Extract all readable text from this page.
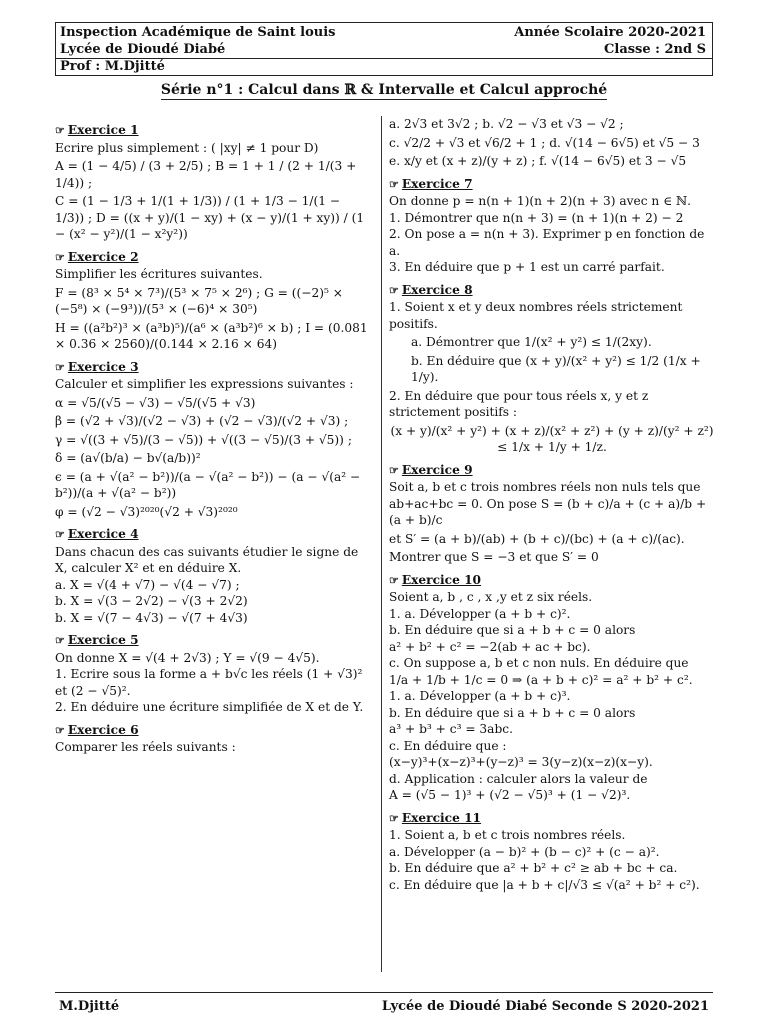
Inspection Académique de Saint louis
Lycée de Dioudé Diabé
Prof : M.Djitté
Année Scolaire 2020-2021
Classe : 2nd S
Série n°1 : Calcul dans ℝ & Intervalle et Calcul approché
☞ Exercice 1
Ecrire plus simplement : ( |xy| ≠ 1 pour D)
A = (1 − 4/5) / (3 + 2/5) ; B = 1 + 1 / (2 + 1/(3 + 1/4)) ;
C = (1 − 1/3 + 1/(1 + 1/3)) / (1 + 1/3 − 1/(1 − 1/3)) ; D = ((x + y)/(1 − xy) + (x − y)/(1 + xy)) / (1 − (x² − y²)/(1 − x²y²))
☞ Exercice 2
Simplifier les écritures suivantes.
F = (8³ × 5⁴ × 7³)/(5³ × 7⁵ × 2⁶) ; G = ((−2)⁵ × (−5⁸) × (−9³))/(5³ × (−6)⁴ × 30⁵)
H = ((a²b²)³ × (a³b)⁵)/(a⁶ × (a³b²)⁶ × b) ; I = (0.081 × 0.36 × 2560)/(0.144 × 2.16 × 64)
☞ Exercice 3
Calculer et simplifier les expressions suivantes :
α = √5/(√5 − √3) − √5/(√5 + √3)
β = (√2 + √3)/(√2 − √3) + (√2 − √3)/(√2 + √3) ;
γ = √((3 + √5)/(3 − √5)) + √((3 − √5)/(3 + √5)) ;
δ = (a√(b/a) − b√(a/b))²
ϵ = (a + √(a² − b²))/(a − √(a² − b²)) − (a − √(a² − b²))/(a + √(a² − b²))
φ = (√2 − √3)²⁰²⁰(√2 + √3)²⁰²⁰
☞ Exercice 4
Dans chacun des cas suivants étudier le signe de X, calculer X² et en déduire X.
a. X = √(4 + √7) − √(4 − √7) ;
b. X = √(3 − 2√2) − √(3 + 2√2)
b. X = √(7 − 4√3) − √(7 + 4√3)
☞ Exercice 5
On donne X = √(4 + 2√3) ; Y = √(9 − 4√5).
1. Ecrire sous la forme a + b√c les réels (1 + √3)² et (2 − √5)².
2. En déduire une écriture simplifiée de X et de Y.
☞ Exercice 6
Comparer les réels suivants :
a. 2√3 et 3√2 ; b. √2 − √3 et √3 − √2 ;
c. √2/2 + √3 et √6/2 + 1 ; d. √(14 − 6√5) et √5 − 3
e. x/y et (x + z)/(y + z) ; f. √(14 − 6√5) et 3 − √5
☞ Exercice 7
On donne p = n(n + 1)(n + 2)(n + 3) avec n ∈ ℕ.
1. Démontrer que n(n + 3) = (n + 1)(n + 2) − 2
2. On pose a = n(n + 3). Exprimer p en fonction de a.
3. En déduire que p + 1 est un carré parfait.
☞ Exercice 8
1. Soient x et y deux nombres réels strictement positifs.
a. Démontrer que 1/(x² + y²) ≤ 1/(2xy).
b. En déduire que (x + y)/(x² + y²) ≤ 1/2 (1/x + 1/y).
2. En déduire que pour tous réels x, y et z strictement positifs :
(x + y)/(x² + y²) + (x + z)/(x² + z²) + (y + z)/(y² + z²) ≤ 1/x + 1/y + 1/z.
☞ Exercice 9
Soit a, b et c trois nombres réels non nuls tels que ab+ac+bc = 0. On pose S = (b + c)/a + (c + a)/b + (a + b)/c
et S′ = (a + b)/(ab) + (b + c)/(bc) + (a + c)/(ac).
Montrer que S = −3 et que S′ = 0
☞ Exercice 10
Soient a, b , c , x ,y et z six réels.
1. a. Développer (a + b + c)².
b. En déduire que si a + b + c = 0 alors
a² + b² + c² = −2(ab + ac + bc).
c. On suppose a, b et c non nuls. En déduire que
1/a + 1/b + 1/c = 0 ⇒ (a + b + c)² = a² + b² + c².
1. a. Développer (a + b + c)³.
b. En déduire que si a + b + c = 0 alors
a³ + b³ + c³ = 3abc.
c. En déduire que :
(x−y)³+(x−z)³+(y−z)³ = 3(y−z)(x−z)(x−y).
d. Application : calculer alors la valeur de
A = (√5 − 1)³ + (√2 − √5)³ + (1 − √2)³.
☞ Exercice 11
1. Soient a, b et c trois nombres réels.
a. Développer (a − b)² + (b − c)² + (c − a)².
b. En déduire que a² + b² + c² ≥ ab + bc + ca.
c. En déduire que |a + b + c|/√3 ≤ √(a² + b² + c²).
M.Djitté	Lycée de Dioudé Diabé Seconde S 2020-2021
